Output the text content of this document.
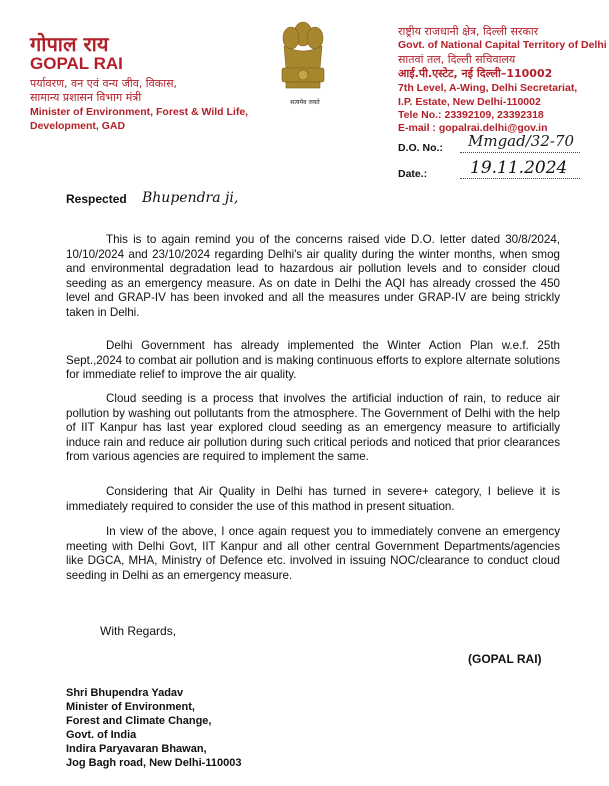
गोपाल राय
GOPAL RAI
पर्यावरण, वन एवं वन्य जीव, विकास,
सामान्य प्रशासन विभाग मंत्री
Minister of Environment, Forest & Wild Life,
Development, GAD
सत्यमेव जयते
राष्ट्रीय राजधानी क्षेत्र, दिल्ली सरकार
Govt. of National Capital Territory of Delhi
सातवां तल, दिल्ली सचिवालय
आई.पी.एस्टेट, नई दिल्ली–110002
7th Level, A-Wing, Delhi Secretariat,
I.P. Estate, New Delhi-110002
Tele No.: 23392109, 23392318
E-mail : gopalrai.delhi@gov.in
D.O. No.: Mmgad/32-70
Date.:	19.11.2024
Respected Bhupendra ji,
This is to again remind you of the concerns raised vide D.O. letter dated 30/8/2024, 10/10/2024 and 23/10/2024 regarding Delhi's air quality during the winter months, when smog and environmental degradation lead to hazardous air pollution levels and to consider cloud seeding as an emergency measure. As on date in Delhi the AQI has already crossed the 450 level and GRAP-IV has been invoked and all the measures under GRAP-IV are being strickly taken in Delhi.
Delhi Government has already implemented the Winter Action Plan w.e.f. 25th Sept.,2024 to combat air pollution and is making continuous efforts to explore alternate solutions for immediate relief to improve the air quality.
Cloud seeding is a process that involves the artificial induction of rain, to reduce air pollution by washing out pollutants from the atmosphere. The Government of Delhi with the help of IIT Kanpur has last year explored cloud seeding as an emergency measure to artificially induce rain and reduce air pollution during such critical periods and noticed that prior clearances from various agencies are required to implement the same.
Considering that Air Quality in Delhi has turned in severe+ category, I believe it is immediately required to consider the use of this mathod in present situation.
In view of the above, I once again request you to immediately convene an emergency meeting with Delhi Govt, IIT Kanpur and all other central Government Departments/agencies like DGCA, MHA, Ministry of Defence etc. involved in issuing NOC/clearance to conduct cloud seeding in Delhi as an emergency measure.
With Regards,
(GOPAL RAI)
Shri Bhupendra Yadav
Minister of Environment,
Forest and Climate Change,
Govt. of India
Indira Paryavaran Bhawan,
Jog Bagh road, New Delhi-110003
